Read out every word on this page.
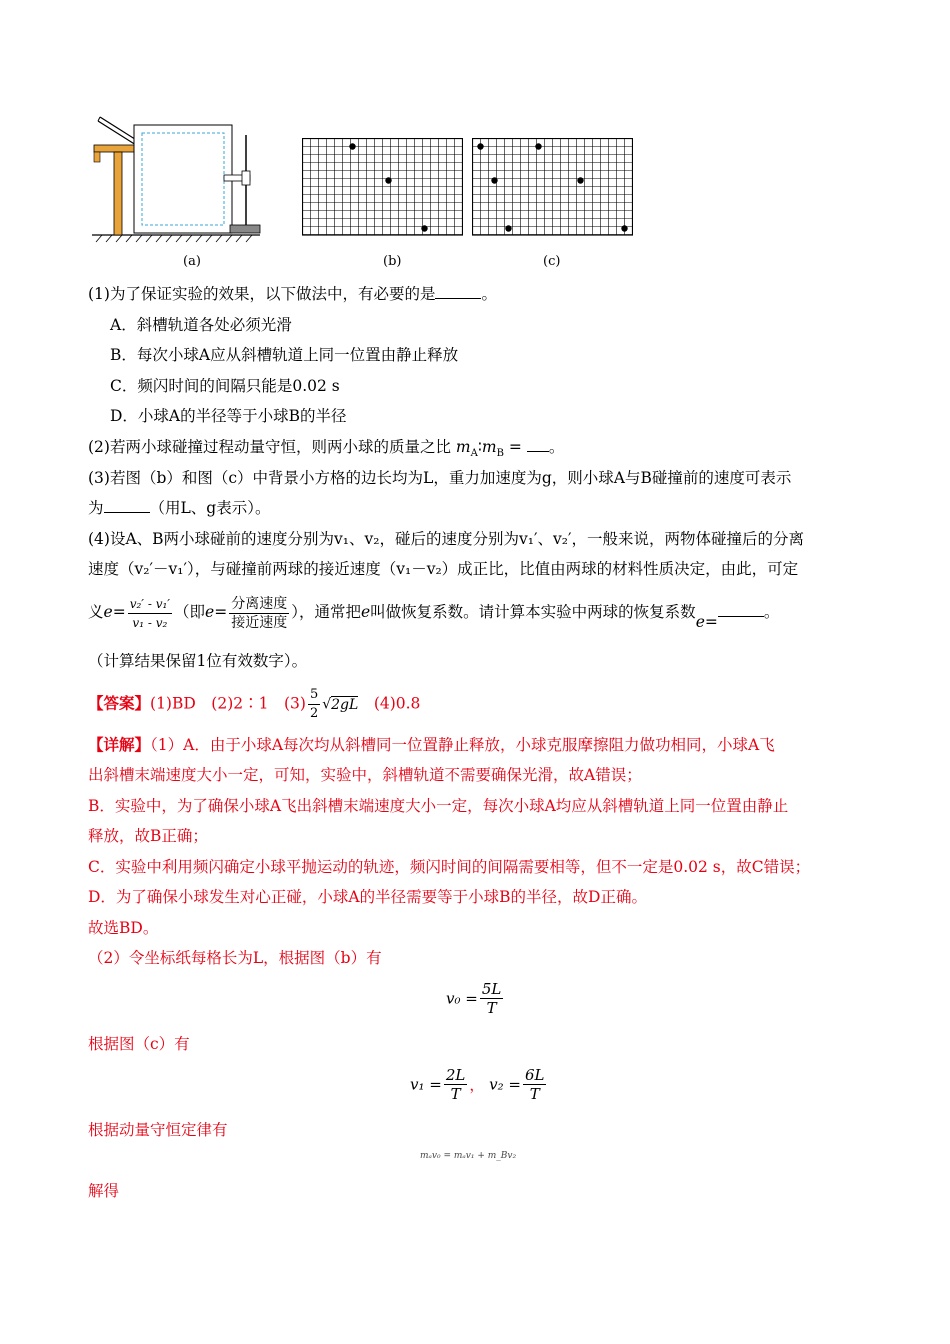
(a)	(b)	(c)
(1)为了保证实验的效果，以下做法中，有必要的是	。
A．斜槽轨道各处必须光滑
B．每次小球A应从斜槽轨道上同一位置由静止释放
C．频闪时间的间隔只能是0.02 s
D．小球A的半径等于小球B的半径
(2)若两小球碰撞过程动量守恒，则两小球的质量之比 $m_A∶m_B$ = 。
(3)若图（b）和图（c）中背景小方格的边长均为L，重力加速度为g，则小球A与B碰撞前的速度可表示
为	（用L、g表示）。
(4)设A、B两小球碰前的速度分别为v₁、v₂，碰后的速度分别为v₁′、v₂′，一般来说，两物体碰撞后的分离
速度（v₂′－v₁′），与碰撞前两球的接近速度（v₁－v₂）成正比，比值由两球的材料性质决定，由此，可定
义$e= \frac{\text{v₂′ - v₁′}}{\text{v₁ - v₂}}$ （即$e= \frac{\text{分离速度}}{\text{接近速度}}$ ），通常把e叫做恢复系数。请计算本实验中两球的恢复系数e=。
（计算结果保留1位有效数字）。
【答案】(1)BD　(2)2∶1　$(3) \frac{5}{2} √2gL$　(4)0.8
【详解】（1）A．由于小球A每次均从斜槽同一位置静止释放，小球克服摩擦阻力做功相同，小球A飞
出斜槽末端速度大小一定，可知，实验中，斜槽轨道不需要确保光滑，故A错误；
B．实验中，为了确保小球A飞出斜槽末端速度大小一定，每次小球A均应从斜槽轨道上同一位置由静止
释放，故B正确；
C．实验中利用频闪确定小球平抛运动的轨迹，频闪时间的间隔需要相等，但不一定是0.02 s，故C错误；
D．为了确保小球发生对心正碰，小球A的半径需要等于小球B的半径，故D正确。
故选BD。
（2）令坐标纸每格长为L，根据图（b）有
$v_0 = \frac{5L}{T}$
根据图（c）有
$v_1 = \frac{2L}{T}$ ， $v_2 = \frac{6L}{T}$
根据动量守恒定律有
mₐv₀ = mₐv₁ + m_Bv₂
解得
